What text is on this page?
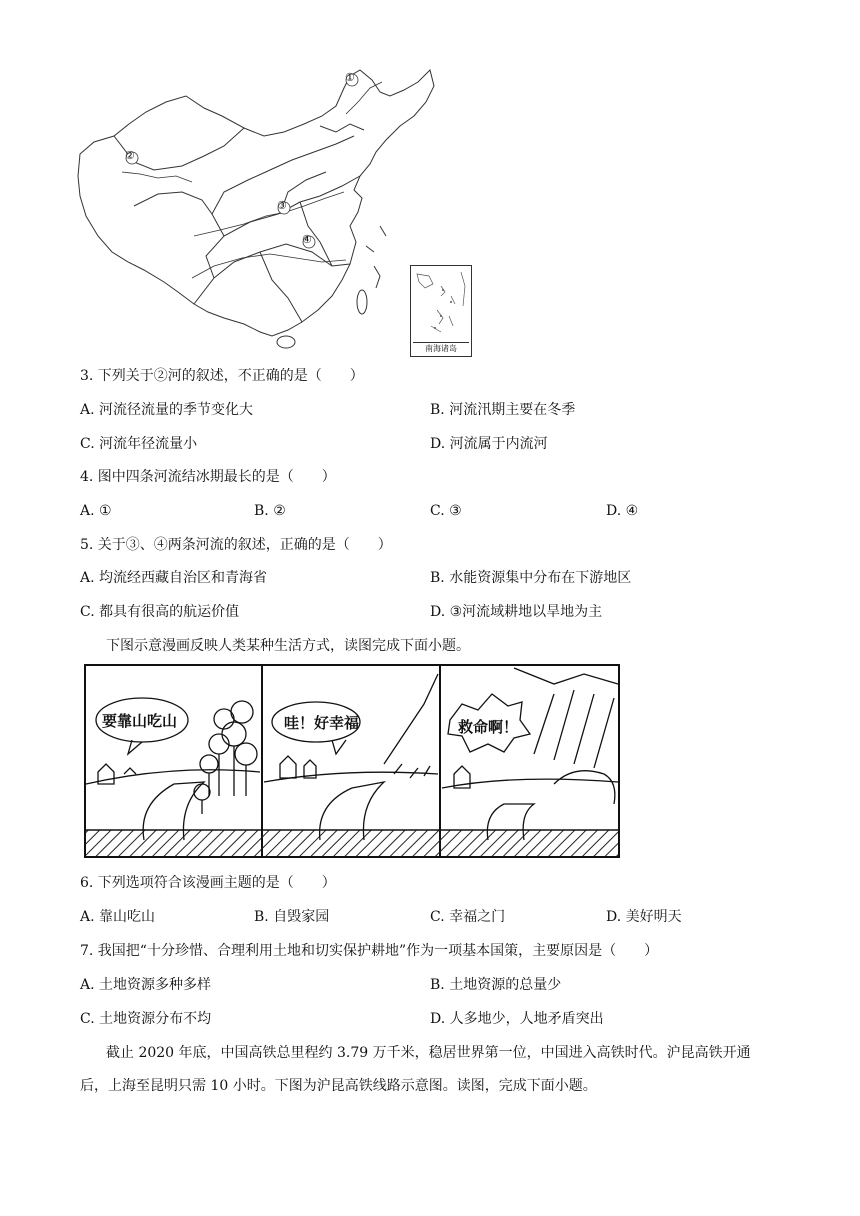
①
②
③
④
南海诸岛
3. 下列关于②河的叙述，不正确的是（　　）
A. 河流径流量的季节变化大	B. 河流汛期主要在冬季
C. 河流年径流量小	D. 河流属于内流河
4. 图中四条河流结冰期最长的是（　　）
A. ①	B. ②	C. ③	D. ④
5. 关于③、④两条河流的叙述，正确的是（　　）
A. 均流经西藏自治区和青海省	B. 水能资源集中分布在下游地区
C. 都具有很高的航运价值	D. ③河流域耕地以旱地为主
下图示意漫画反映人类某种生活方式，读图完成下面小题。
要靠山吃山	哇！好幸福	救命啊！
6. 下列选项符合该漫画主题的是（　　）
A. 靠山吃山	B. 自毁家园	C. 幸福之门	D. 美好明天
7. 我国把“十分珍惜、合理利用土地和切实保护耕地”作为一项基本国策，主要原因是（　　）
A. 土地资源多种多样	B. 土地资源的总量少
C. 土地资源分布不均	D. 人多地少，人地矛盾突出
截止 2020 年底，中国高铁总里程约 3.79 万千米，稳居世界第一位，中国进入高铁时代。沪昆高铁开通
后，上海至昆明只需 10 小时。下图为沪昆高铁线路示意图。读图，完成下面小题。
